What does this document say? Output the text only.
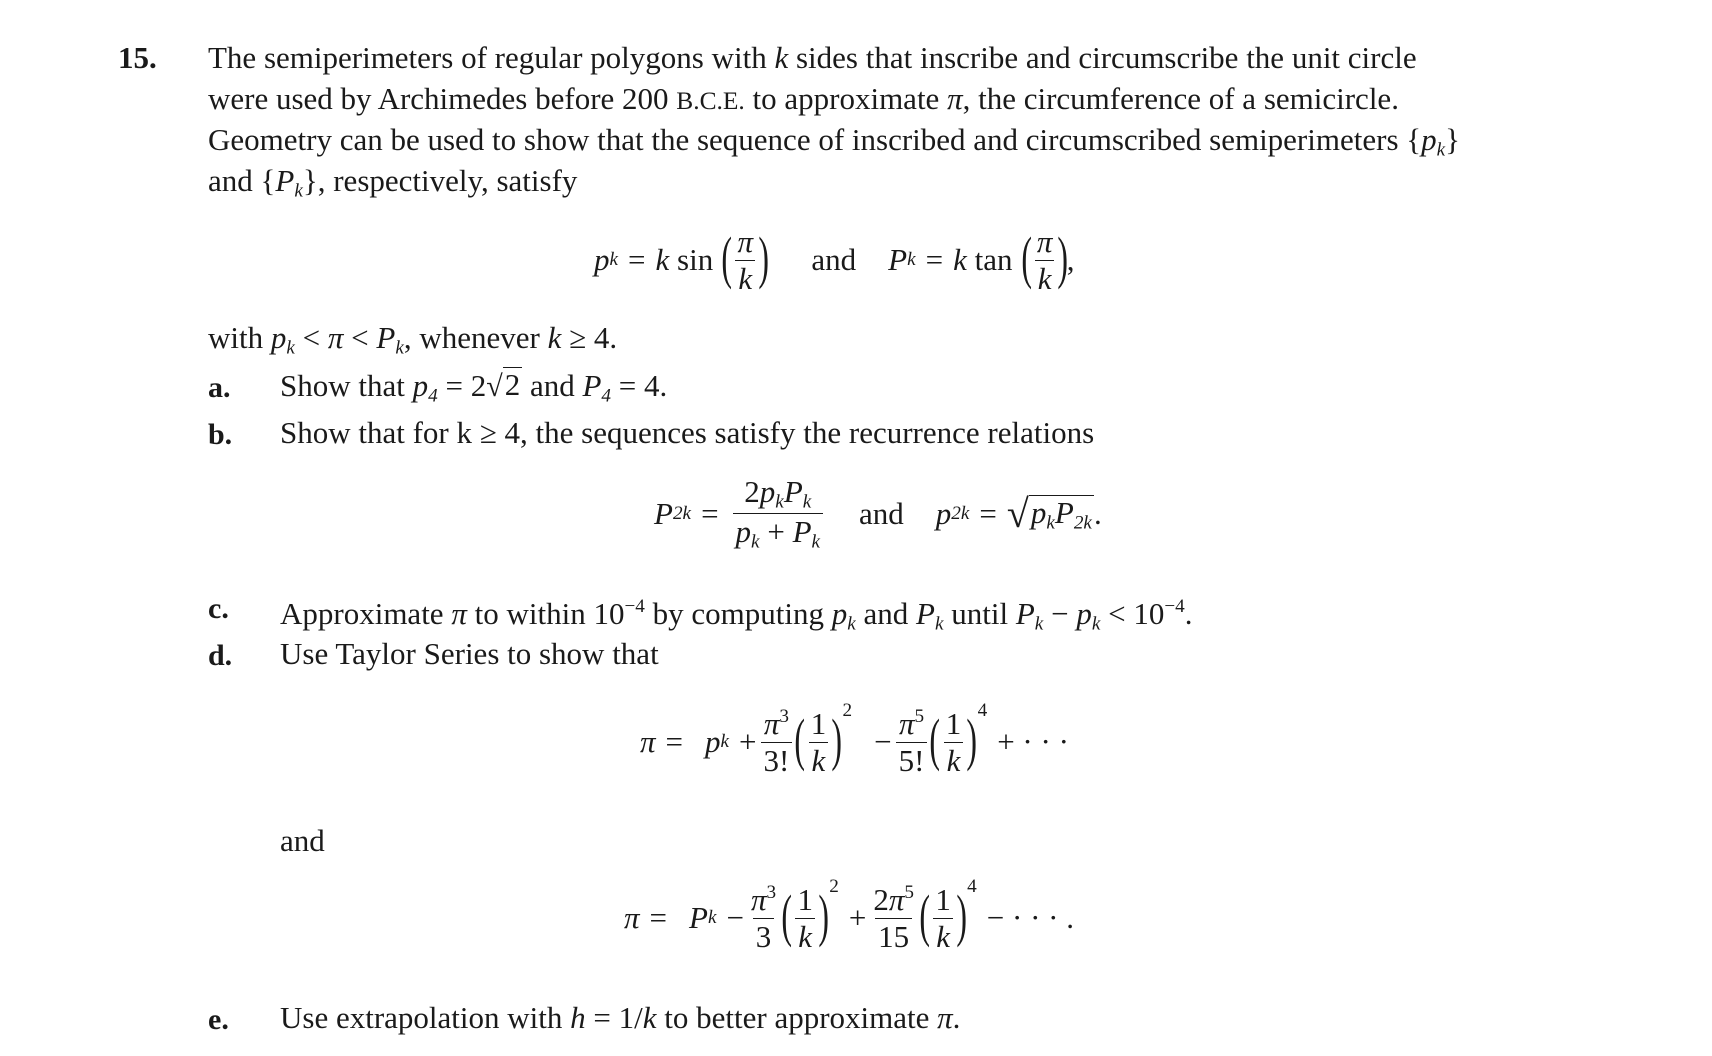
15. The semiperimeters of regular polygons with k sides that inscribe and circumscribe the unit circle
were used by Archimedes before 200 B.C.E. to approximate π, the circumference of a semicircle.
Geometry can be used to show that the sequence of inscribed and circumscribed semiperimeters $\{p_k\}$
and $\{P_k\}$, respectively, satisfy
p k = k sin ( $\frac{\pi}{k}$ ) and P k = k tan ( $\frac{\pi}{k}$ )
,
with $p_k < \pi < P_k$, whenever k ≥ 4.
a. Show that $p_4 = 2$ √ 2 and $P_4 = 4$.
b. Show that for k ≥ 4, the sequences satisfy the recurrence relations
P $2k = \frac{2p_kP_k}{p_k + P_k}$ and p 2k = √ $p_kP_{2k}$ .
c. Approximate π to within $10^{-4}$ by computing $p_k$ and $P_k$ until $P_k - p_k < 10^{-4}$.
d. Use Taylor Series to show that
π = p $k + \frac{\pi^3}{3!}$ ( $\frac{1}{k}$ ) 2
− $\frac{\pi^5}{5!}$ ( $\frac{1}{k}$ ) 4
+ · · ·
and
π = P $k - \frac{\pi^3}{3}$ ( $\frac{1}{k}$ ) 2
+ $\frac{2\pi^5}{15}$ ( $\frac{1}{k}$ ) 4
− · · · .
e. Use extrapolation with h = 1/k to better approximate π.
